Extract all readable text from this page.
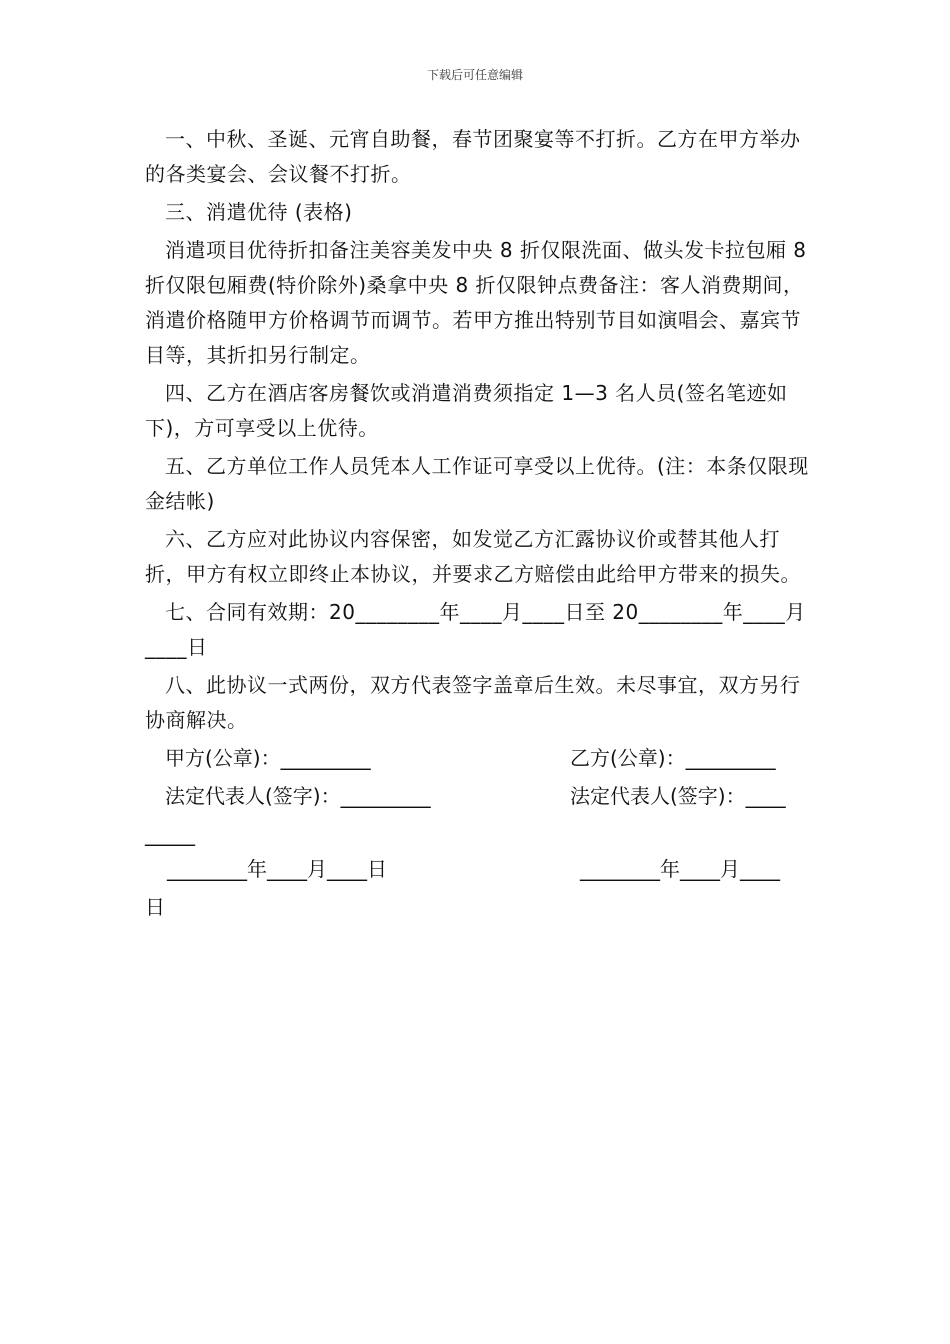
下载后可任意编辑

一、中秋、圣诞、元宵自助餐，春节团聚宴等不打折。乙方在甲方举办的各类宴会、会议餐不打折。

三、消遣优待 (表格)

消遣项目优待折扣备注美容美发中央 8 折仅限洗面、做头发卡拉包厢 8 折仅限包厢费(特价除外)桑拿中央 8 折仅限钟点费备注：客人消费期间，消遣价格随甲方价格调节而调节。若甲方推出特别节目如演唱会、嘉宾节目等，其折扣另行制定。

四、乙方在酒店客房餐饮或消遣消费须指定 1—3 名人员(签名笔迹如下)，方可享受以上优待。

五、乙方单位工作人员凭本人工作证可享受以上优待。(注：本条仅限现金结帐)

六、乙方应对此协议内容保密，如发觉乙方汇露协议价或替其他人打折，甲方有权立即终止本协议，并要求乙方赔偿由此给甲方带来的损失。

七、合同有效期：20________年____月____日至 20________年____月____日

八、此协议一式两份，双方代表签字盖章后生效。未尽事宜，双方另行协商解决。

甲方(公章)：_________	乙方(公章)：_________
法定代表人(签字)：_________	法定代表人(签字)：____
_____
________年____月____日	________年____月____
日
